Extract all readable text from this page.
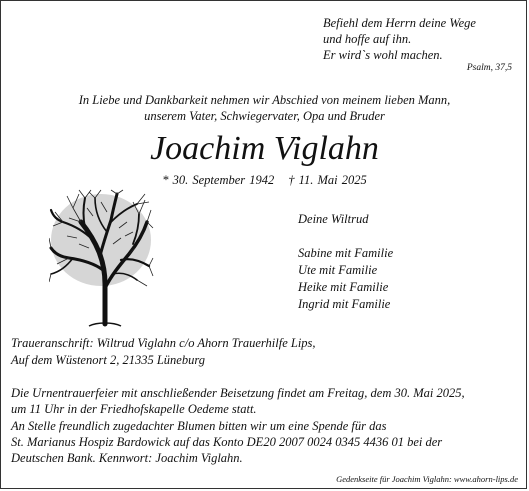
Befiehl dem Herrn deine Wege
und hoffe auf ihn.
Er wird`s wohl machen.
Psalm, 37,5
In Liebe und Dankbarkeit nehmen wir Abschied von meinem lieben Mann,
unserem Vater, Schwiegervater, Opa und Bruder
Joachim Viglahn
* 30. September 1942 † 11. Mai 2025
Deine Wiltrud
Sabine mit Familie
Ute mit Familie
Heike mit Familie
Ingrid mit Familie
Traueranschrift: Wiltrud Viglahn c/o Ahorn Trauerhilfe Lips,
Auf dem Wüstenort 2, 21335 Lüneburg
Die Urnentrauerfeier mit anschließender Beisetzung findet am Freitag, dem 30. Mai 2025,
um 11 Uhr in der Friedhofskapelle Oedeme statt.
An Stelle freundlich zugedachter Blumen bitten wir um eine Spende für das
St. Marianus Hospiz Bardowick auf das Konto DE20 2007 0024 0345 4436 01 bei der
Deutschen Bank. Kennwort: Joachim Viglahn.
Gedenkseite für Joachim Viglahn: www.ahorn-lips.de
